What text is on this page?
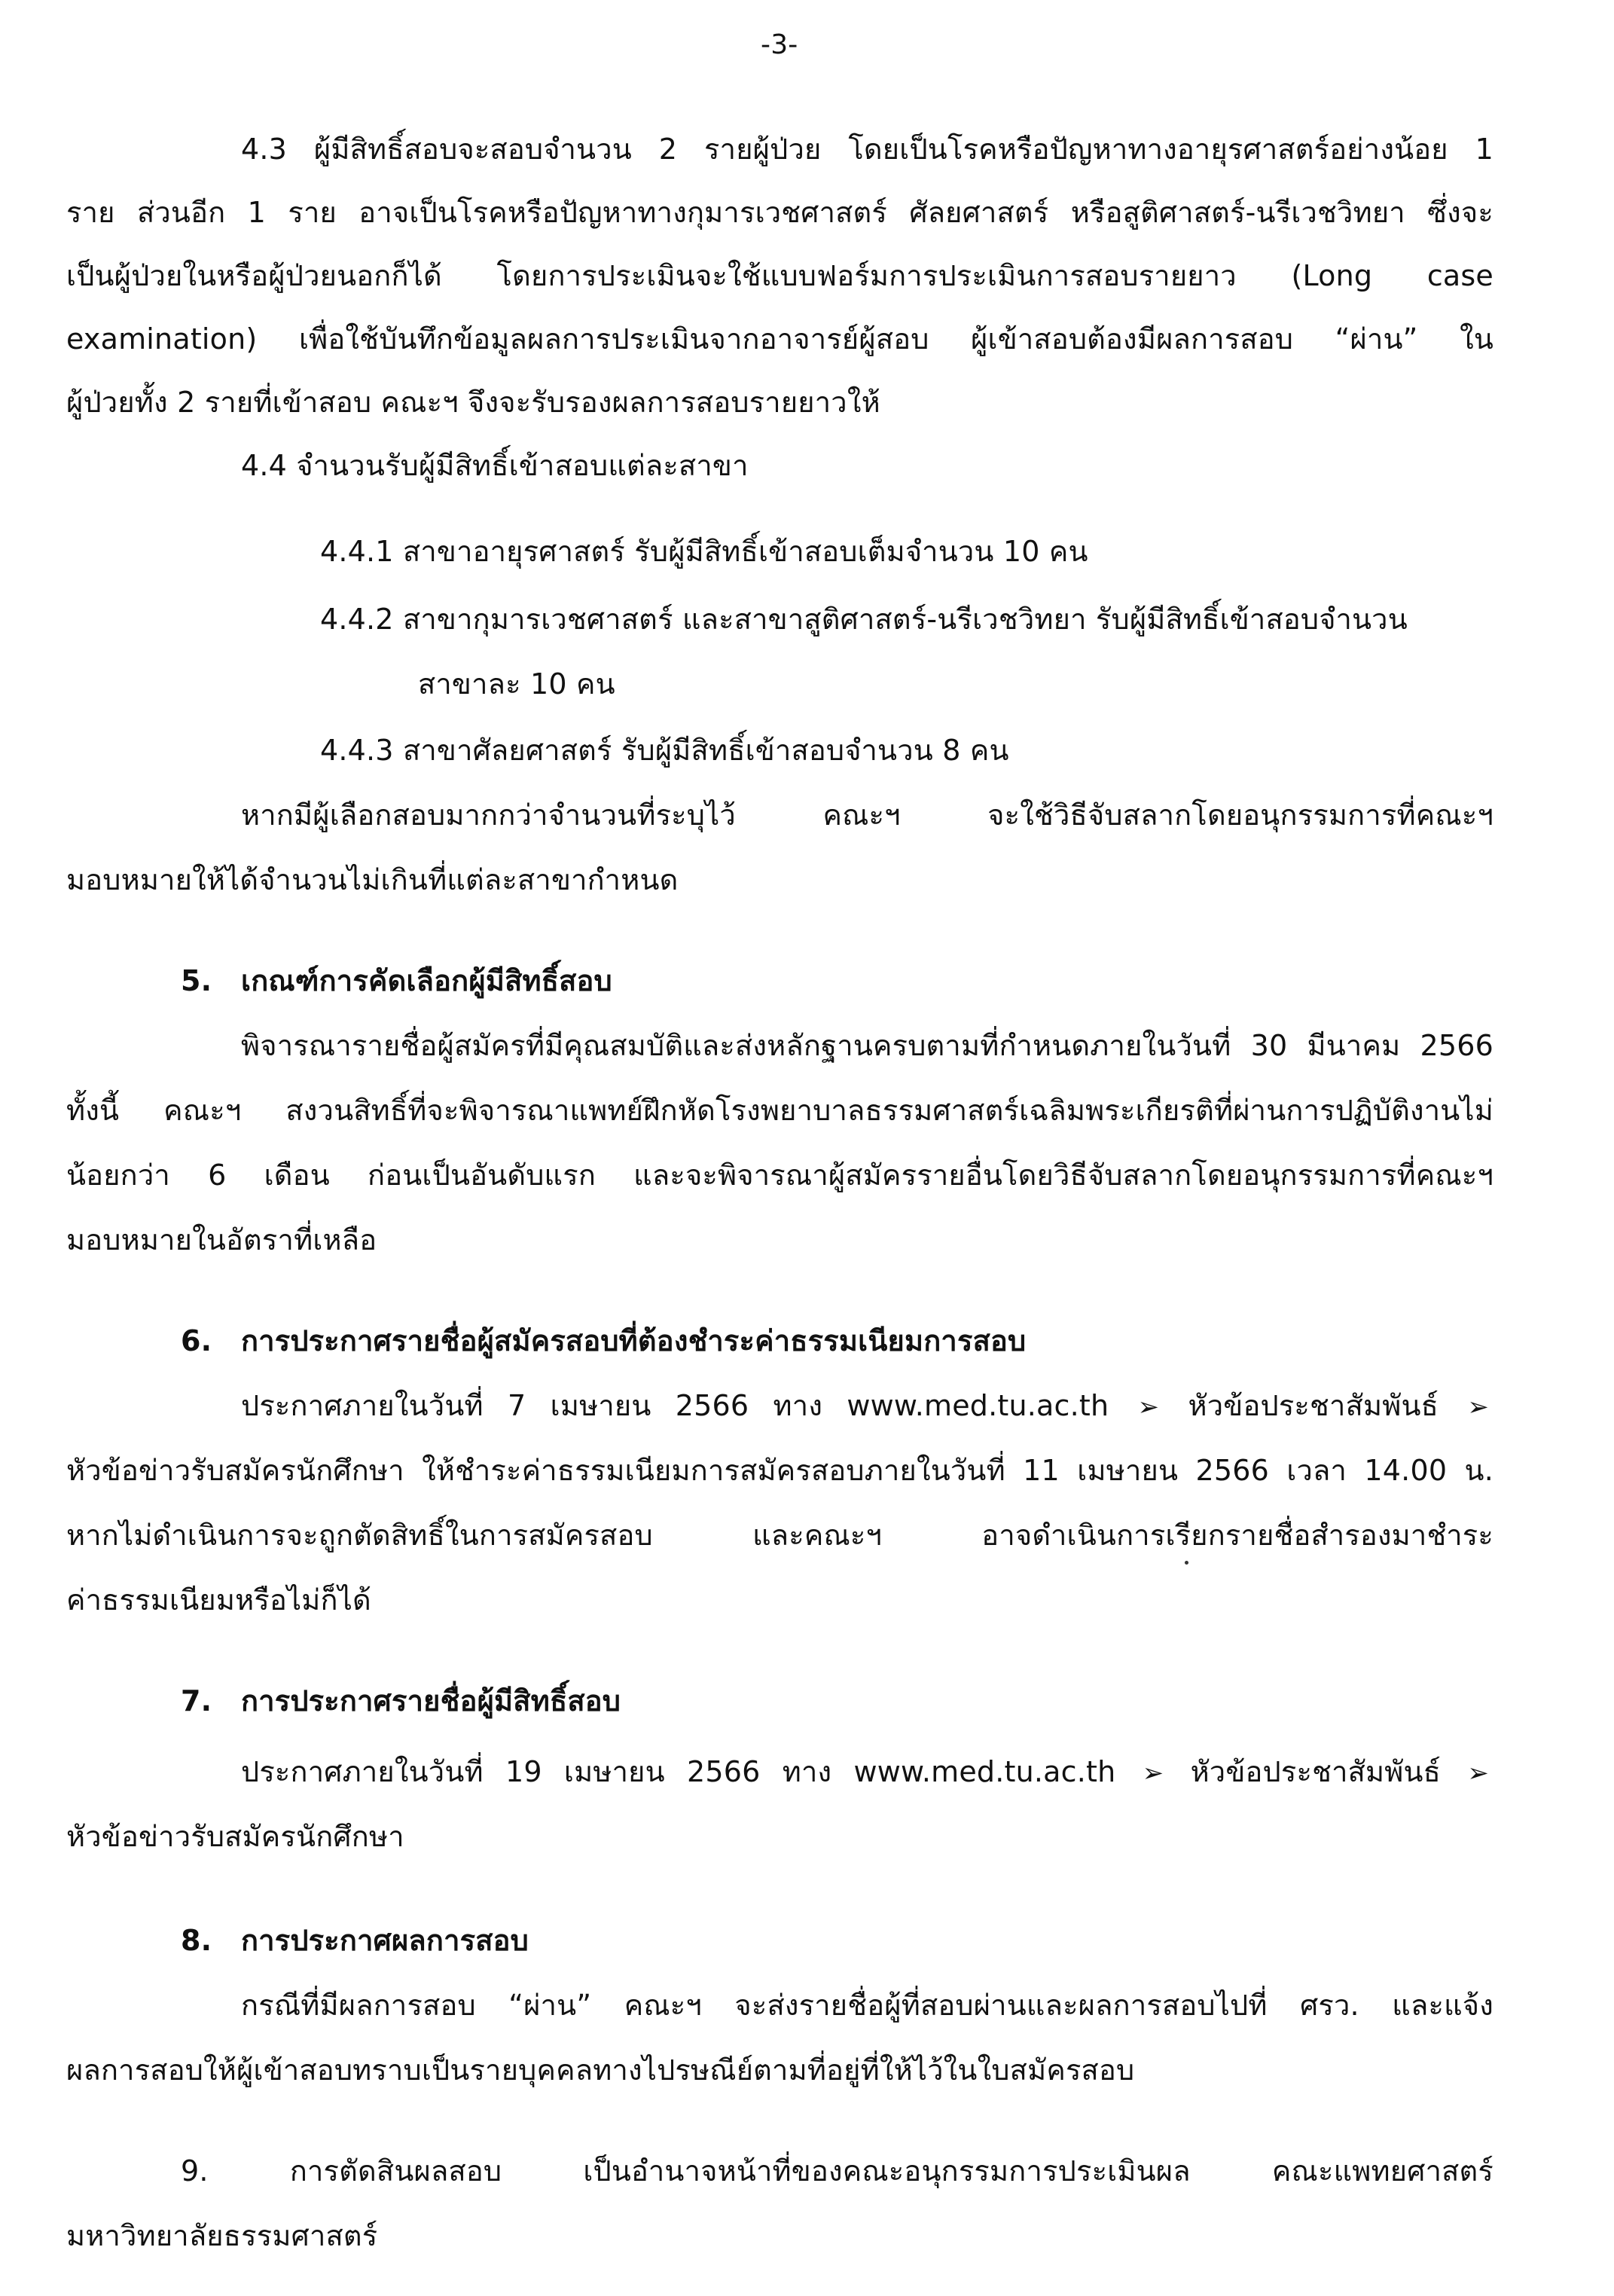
-3-
4.3 ผู้มีสิทธิ์สอบจะสอบจำนวน 2 รายผู้ป่วย โดยเป็นโรคหรือปัญหาทางอายุรศาสตร์อย่างน้อย 1
ราย ส่วนอีก 1 ราย อาจเป็นโรคหรือปัญหาทางกุมารเวชศาสตร์ ศัลยศาสตร์ หรือสูติศาสตร์-นรีเวชวิทยา ซึ่งจะ
เป็นผู้ป่วยในหรือผู้ป่วยนอกก็ได้ โดยการประเมินจะใช้แบบฟอร์มการประเมินการสอบรายยาว (Long case
examination) เพื่อใช้บันทึกข้อมูลผลการประเมินจากอาจารย์ผู้สอบ ผู้เข้าสอบต้องมีผลการสอบ “ผ่าน” ใน
ผู้ป่วยทั้ง 2 รายที่เข้าสอบ คณะฯ จึงจะรับรองผลการสอบรายยาวให้
4.4 จำนวนรับผู้มีสิทธิ์เข้าสอบแต่ละสาขา
4.4.1 สาขาอายุรศาสตร์ รับผู้มีสิทธิ์เข้าสอบเต็มจำนวน 10 คน
4.4.2 สาขากุมารเวชศาสตร์ และสาขาสูติศาสตร์-นรีเวชวิทยา รับผู้มีสิทธิ์เข้าสอบจำนวน
สาขาละ 10 คน
4.4.3 สาขาศัลยศาสตร์ รับผู้มีสิทธิ์เข้าสอบจำนวน 8 คน
หากมีผู้เลือกสอบมากกว่าจำนวนที่ระบุไว้ คณะฯ จะใช้วิธีจับสลากโดยอนุกรรมการที่คณะฯ
มอบหมายให้ได้จำนวนไม่เกินที่แต่ละสาขากำหนด
5. เกณฑ์การคัดเลือกผู้มีสิทธิ์สอบ
พิจารณารายชื่อผู้สมัครที่มีคุณสมบัติและส่งหลักฐานครบตามที่กำหนดภายในวันที่ 30 มีนาคม 2566
ทั้งนี้ คณะฯ สงวนสิทธิ์ที่จะพิจารณาแพทย์ฝึกหัดโรงพยาบาลธรรมศาสตร์เฉลิมพระเกียรติที่ผ่านการปฏิบัติงานไม่
น้อยกว่า 6 เดือน ก่อนเป็นอันดับแรก และจะพิจารณาผู้สมัครรายอื่นโดยวิธีจับสลากโดยอนุกรรมการที่คณะฯ
มอบหมายในอัตราที่เหลือ
6. การประกาศรายชื่อผู้สมัครสอบที่ต้องชำระค่าธรรมเนียมการสอบ
ประกาศภายในวันที่ 7 เมษายน 2566 ทาง www.med.tu.ac.th ➢ หัวข้อประชาสัมพันธ์ ➢
หัวข้อข่าวรับสมัครนักศึกษา ให้ชำระค่าธรรมเนียมการสมัครสอบภายในวันที่ 11 เมษายน 2566 เวลา 14.00 น.
หากไม่ดำเนินการจะถูกตัดสิทธิ์ในการสมัครสอบ และคณะฯ อาจดำเนินการเรียกรายชื่อสำรองมาชำระ
ค่าธรรมเนียมหรือไม่ก็ได้
7. การประกาศรายชื่อผู้มีสิทธิ์สอบ
ประกาศภายในวันที่ 19 เมษายน 2566 ทาง www.med.tu.ac.th ➢ หัวข้อประชาสัมพันธ์ ➢
หัวข้อข่าวรับสมัครนักศึกษา
8. การประกาศผลการสอบ
กรณีที่มีผลการสอบ “ผ่าน” คณะฯ จะส่งรายชื่อผู้ที่สอบผ่านและผลการสอบไปที่ ศรว. และแจ้ง
ผลการสอบให้ผู้เข้าสอบทราบเป็นรายบุคคลทางไปรษณีย์ตามที่อยู่ที่ให้ไว้ในใบสมัครสอบ
9. การตัดสินผลสอบ เป็นอำนาจหน้าที่ของคณะอนุกรรมการประเมินผล คณะแพทยศาสตร์
มหาวิทยาลัยธรรมศาสตร์
